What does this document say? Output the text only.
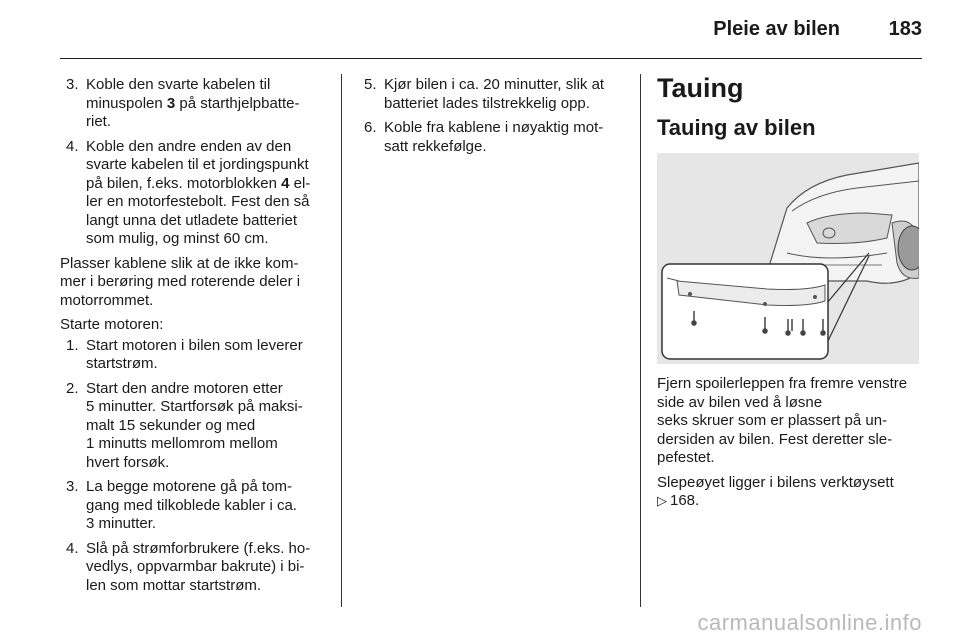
Pleie av bilen 183
3. Koble den svarte kabelen til
minuspolen 3 på starthjelpbatte-
riet.
4. Koble den andre enden av den
svarte kabelen til et jordingspunkt
på bilen, f.eks. motorblokken 4 el-
ler en motorfestebolt. Fest den så
langt unna det utladete batteriet
som mulig, og minst 60 cm.

Plasser kablene slik at de ikke kom-
mer i berøring med roterende deler i
motorrommet.

Starte motoren:

1. Start motoren i bilen som leverer
startstrøm.
2. Start den andre motoren etter
5 minutter. Startforsøk på maksi-
malt 15 sekunder og med
1 minutts mellomrom mellom
hvert forsøk.
3. La begge motorene gå på tom-
gang med tilkoblede kabler i ca.
3 minutter.
4. Slå på strømforbrukere (f.eks. ho-
vedlys, oppvarmbar bakrute) i bi-
len som mottar startstrøm.
5. Kjør bilen i ca. 20 minutter, slik at
batteriet lades tilstrekkelig opp.
6. Koble fra kablene i nøyaktig mot-
satt rekkefølge.
Tauing
Tauing av bilen

Fjern spoilerleppen fra fremre venstre
side av bilen ved å løsne
seks skruer som er plassert på un-
dersiden av bilen. Fest deretter sle-
pefestet.

Slepeøyet ligger i bilens verktøysett
▷ 168.

carmanualsonline.info
